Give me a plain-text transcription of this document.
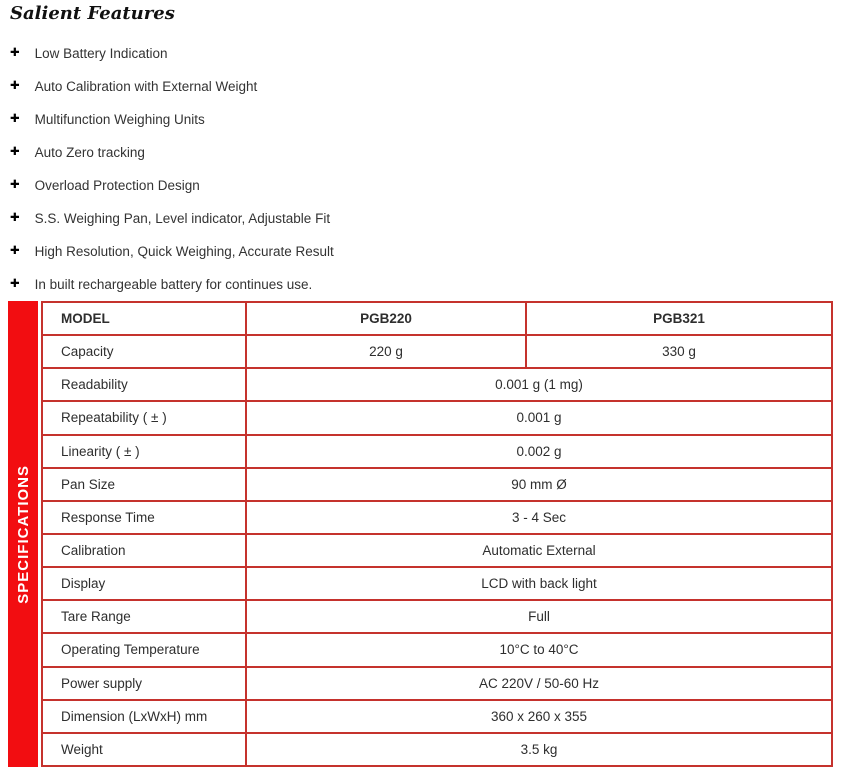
Salient Features
✚ Low Battery Indication
✚ Auto Calibration with External Weight
✚ Multifunction Weighing Units
✚ Auto Zero tracking
✚ Overload Protection Design
✚ S.S. Weighing Pan, Level indicator, Adjustable Fit
✚ High Resolution, Quick Weighing, Accurate Result
✚ In built rechargeable battery for continues use.
SPECIFICATIONS
MODEL	PGB220	PGB321
Capacity	220 g	330 g
Readability	0.001 g (1 mg)	
Repeatability ( ± )	0.001 g	
Linearity ( ± )	0.002 g	
Pan Size	90 mm Ø	
Response Time	3 - 4 Sec	
Calibration	Automatic External	
Display	LCD with back light	
Tare Range	Full	
Operating Temperature	10°C to 40°C	
Power supply	AC 220V / 50-60 Hz	
Dimension (LxWxH) mm	360 x 260 x 355	
Weight	3.5 kg	
